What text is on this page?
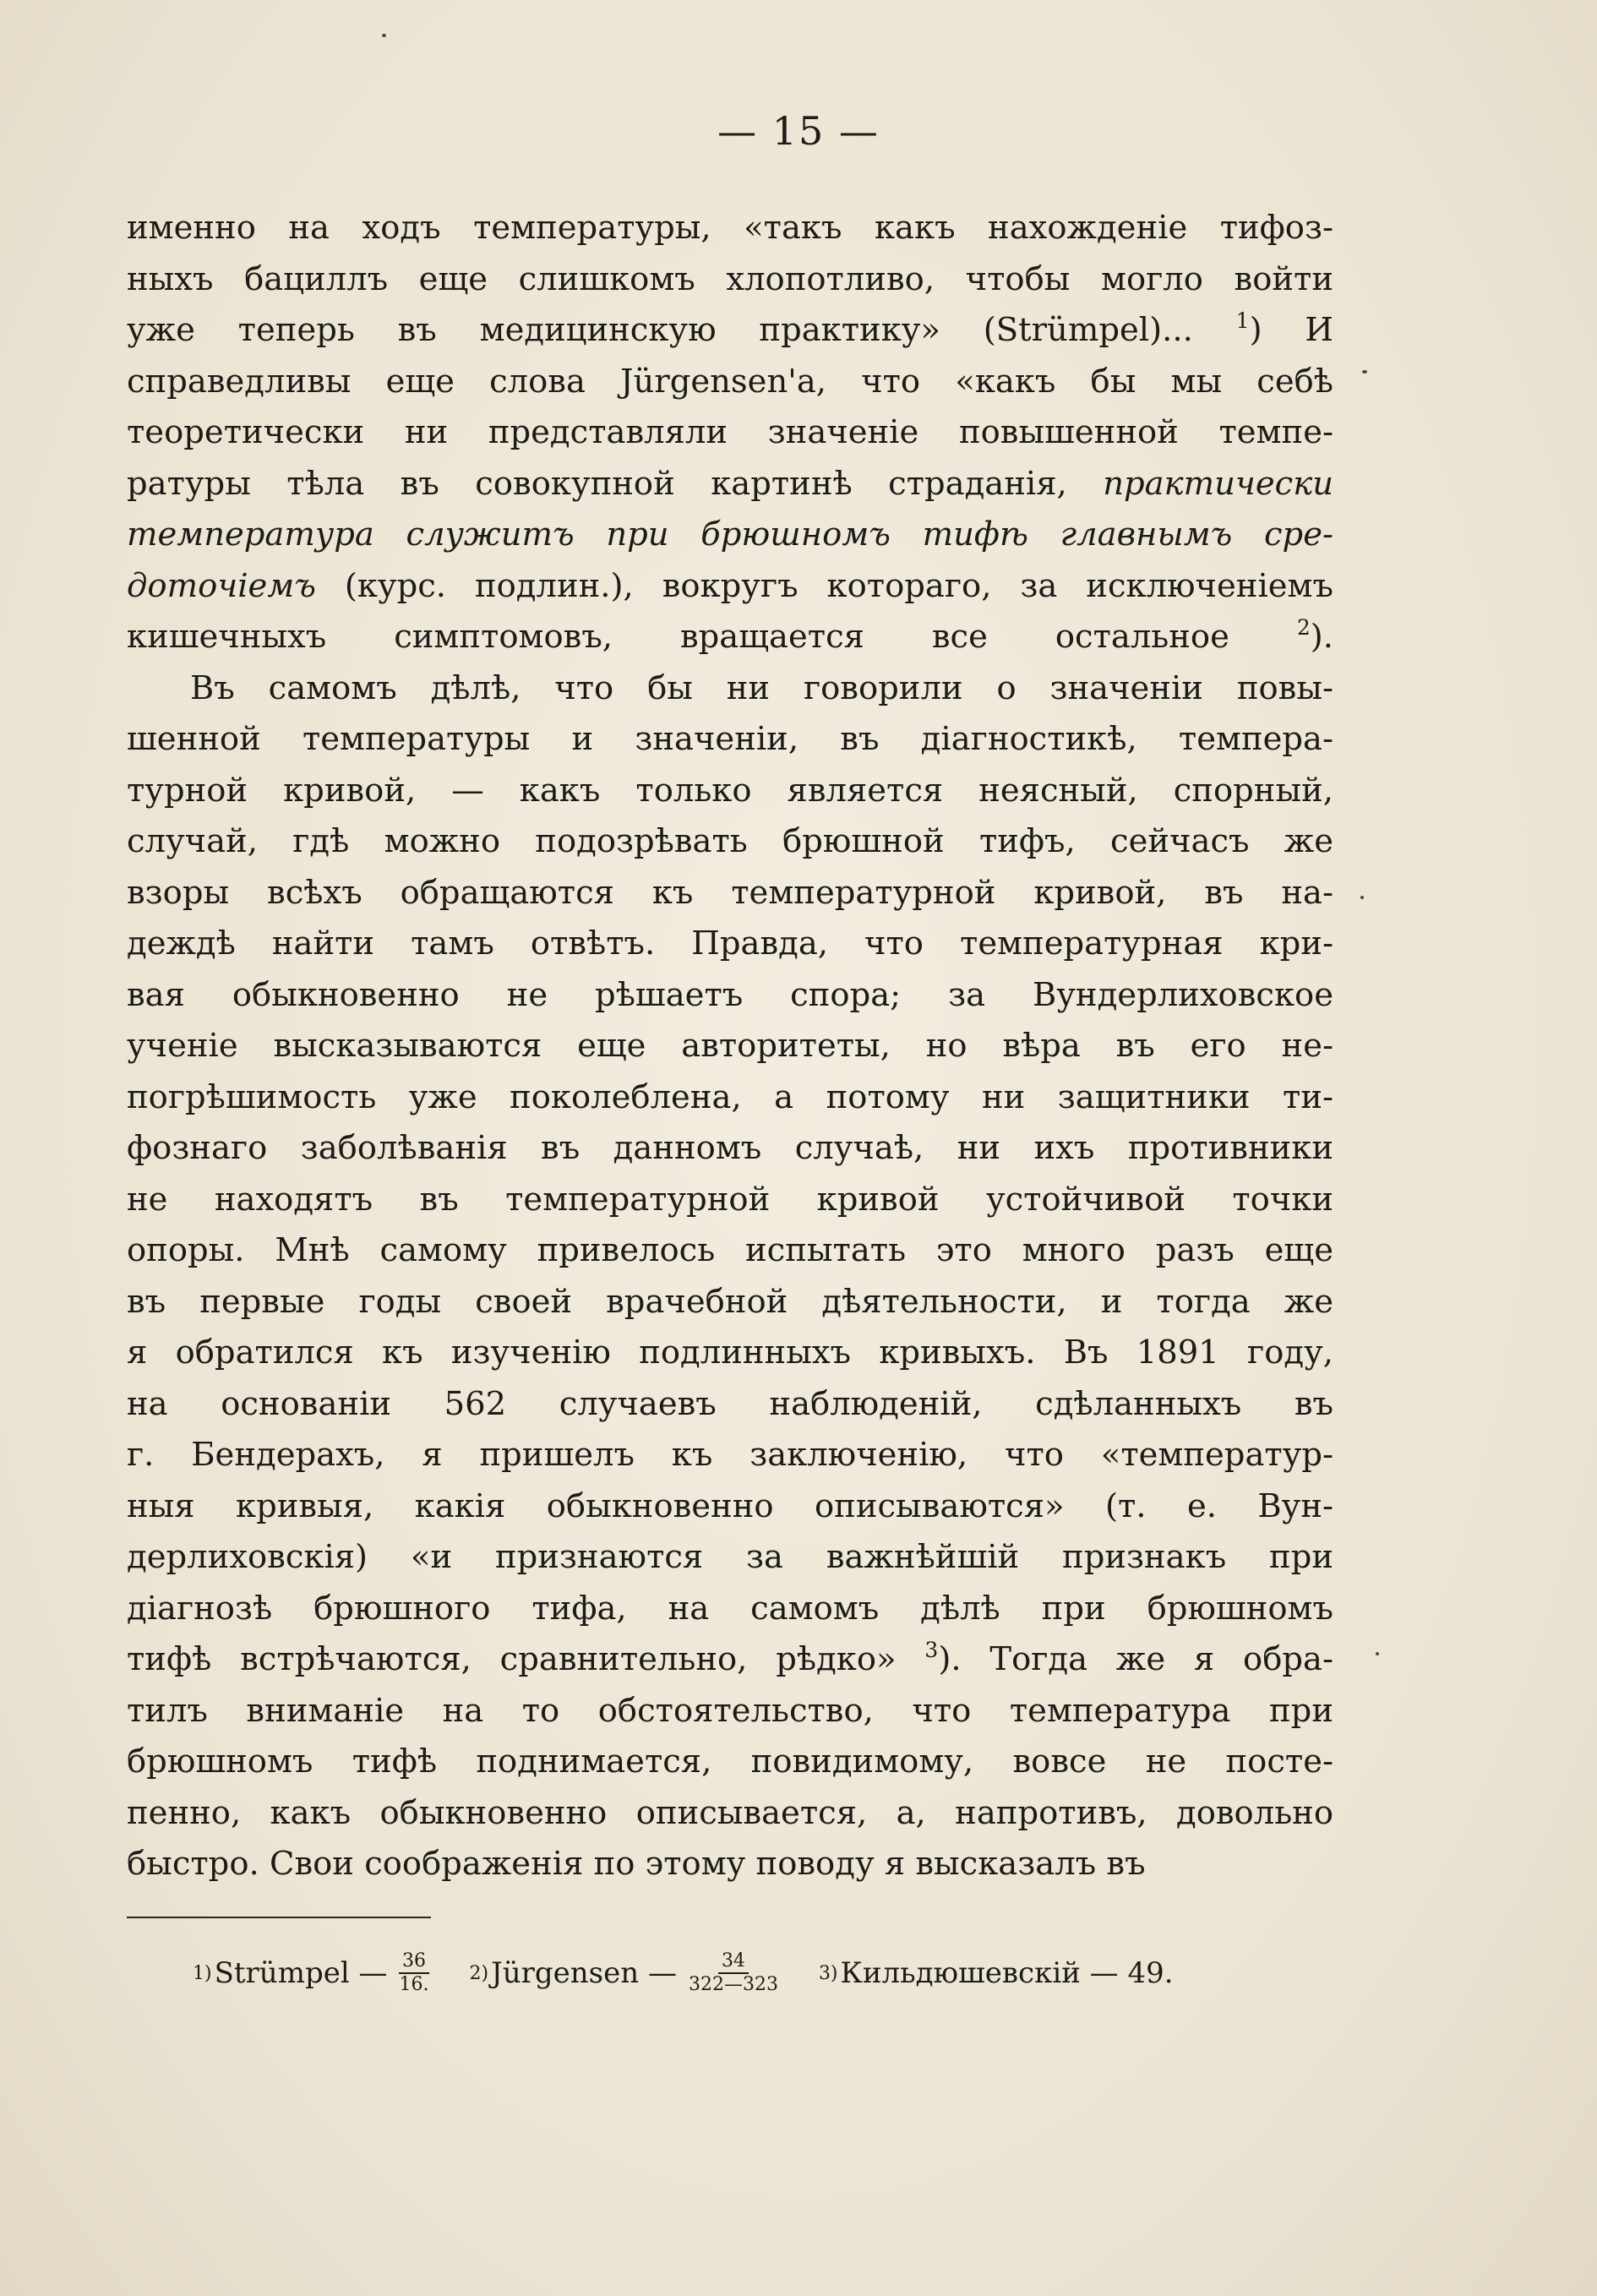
— 15 —
именно на ходъ температуры, «такъ какъ нахожденіе тифоз-
ныхъ бациллъ еще слишкомъ хлопотливо, чтобы могло войти
уже теперь въ медицинскую практику» (Strümpel)... $^1$) И
справедливы еще слова Jürgensen'а, что «какъ бы мы себѣ
теоретически ни представляли значеніе повышенной темпе-
ратуры тѣла въ совокупной картинѣ страданія, практически
температура служитъ при брюшномъ тифѣ главнымъ сре-
доточіемъ (курс. подлин.), вокругъ котораго, за исключеніемъ
кишечныхъ симптомовъ, вращается все остальное $^2$).
Въ самомъ дѣлѣ, что бы ни говорили о значеніи повы-
шенной температуры и значеніи, въ діагностикѣ, темпера-
турной кривой, — какъ только является неясный, спорный,
случай, гдѣ можно подозрѣвать брюшной тифъ, сейчасъ же
взоры всѣхъ обращаются къ температурной кривой, въ на-
деждѣ найти тамъ отвѣтъ. Правда, что температурная кри-
вая обыкновенно не рѣшаетъ спора; за Вундерлиховское
ученіе высказываются еще авторитеты, но вѣра въ его не-
погрѣшимость уже поколеблена, а потому ни защитники ти-
фознаго заболѣванія въ данномъ случаѣ, ни ихъ противники
не находятъ въ температурной кривой устойчивой точки
опоры. Мнѣ самому привелось испытать это много разъ еще
въ первые годы своей врачебной дѣятельности, и тогда же
я обратился къ изученію подлинныхъ кривыхъ. Въ 1891 году,
на основаніи 562 случаевъ наблюденій, сдѣланныхъ въ
г. Бендерахъ, я пришелъ къ заключенію, что «температур-
ныя кривыя, какія обыкновенно описываются» (т. е. Вун-
дерлиховскія) «и признаются за важнѣйшій признакъ при
діагнозѣ брюшного тифа, на самомъ дѣлѣ при брюшномъ
тифѣ встрѣчаются, сравнительно, рѣдко» $^3$). Тогда же я обра-
тилъ вниманіе на то обстоятельство, что температура при
брюшномъ тифѣ поднимается, повидимому, вовсе не посте-
пенно, какъ обыкновенно описывается, а, напротивъ, довольно
быстро. Свои соображенія по этому поводу я высказалъ въ
1) Strümpel — $\frac{36}{16.} 2$) Jürgensen — $\frac{34}{322—323} 3$) Кильдюшевскій — 49.
